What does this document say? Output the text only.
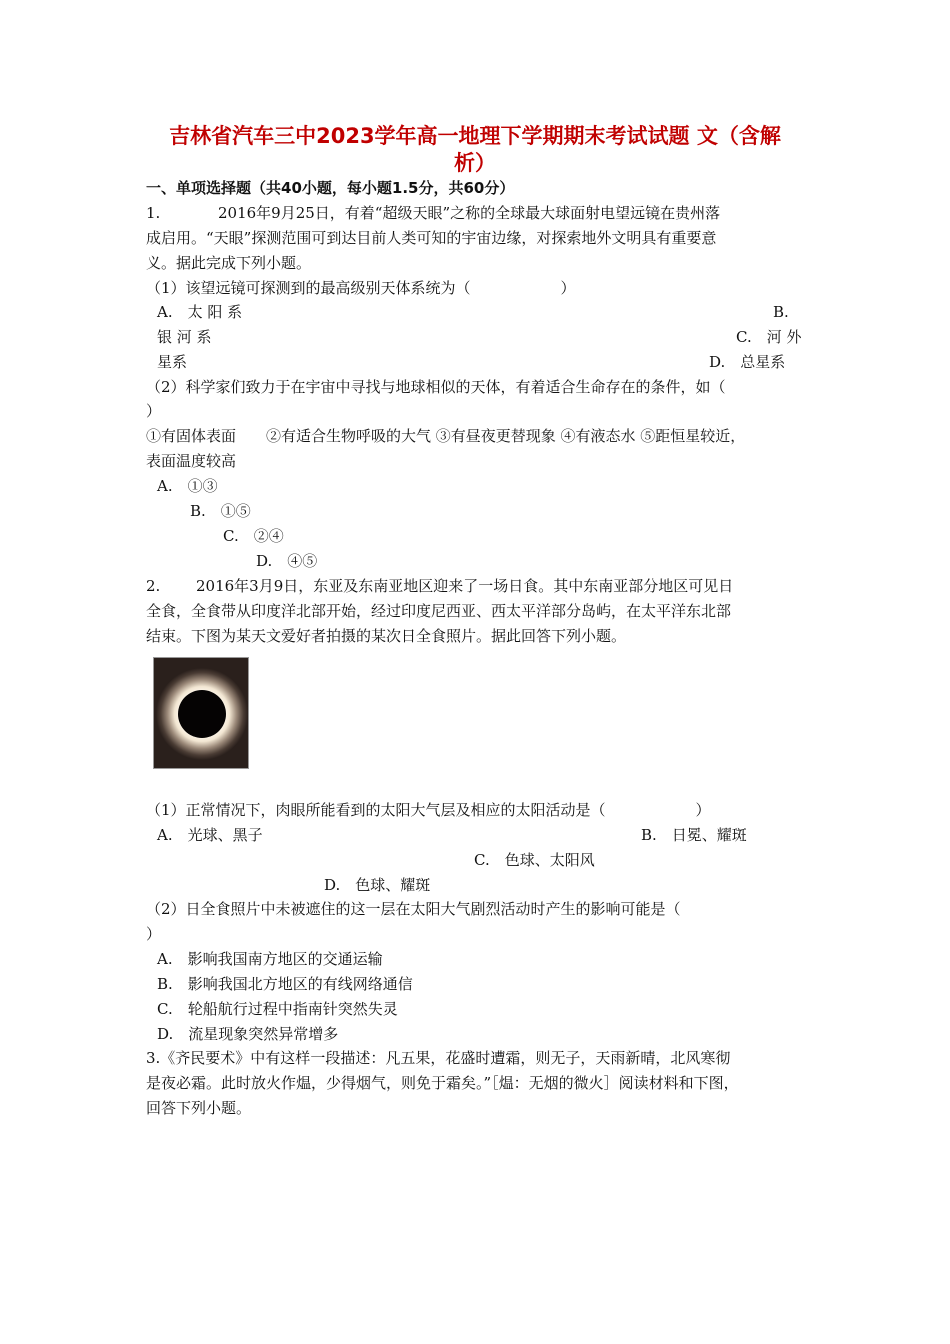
吉林省汽车三中2023学年高一地理下学期期末考试试题 文（含解
析）
一、单项选择题（共40小题，每小题1.5分，共60分）
1.	2016年9月25日，有着“超级天眼”之称的全球最大球面射电望远镜在贵州落
成启用。“天眼”探测范围可到达目前人类可知的宇宙边缘，对探索地外文明具有重要意
义。据此完成下列小题。
（1）该望远镜可探测到的最高级别天体系统为（　　　　　　）
A.　太 阳 系	B.
银 河 系	C.　河 外
星系	D.　总星系
（2）科学家们致力于在宇宙中寻找与地球相似的天体，有着适合生命存在的条件，如（
）
①有固体表面　　②有适合生物呼吸的大气 ③有昼夜更替现象 ④有液态水 ⑤距恒星较近，
表面温度较高
A.　①③
B.　①⑤
C.　②④
D.　④⑤
2. 2016年3月9日，东亚及东南亚地区迎来了一场日食。其中东南亚部分地区可见日
全食，全食带从印度洋北部开始，经过印度尼西亚、西太平洋部分岛屿，在太平洋东北部
结束。下图为某天文爱好者拍摄的某次日全食照片。据此回答下列小题。
（1）正常情况下，肉眼所能看到的太阳大气层及相应的太阳活动是（　　　　　　）
A.　光球、黑子	B.　日冕、耀斑
C.　色球、太阳风
D.　色球、耀斑
（2）日全食照片中未被遮住的这一层在太阳大气剧烈活动时产生的影响可能是（
）
A.　影响我国南方地区的交通运输
B.　影响我国北方地区的有线网络通信
C.　轮船航行过程中指南针突然失灵
D.　流星现象突然异常增多
3.《齐民要术》中有这样一段描述：凡五果，花盛时遭霜，则无子，天雨新晴，北风寒彻
是夜必霜。此时放火作煴，少得烟气，则免于霜矣。”［煴：无烟的微火］阅读材料和下图，
回答下列小题。
